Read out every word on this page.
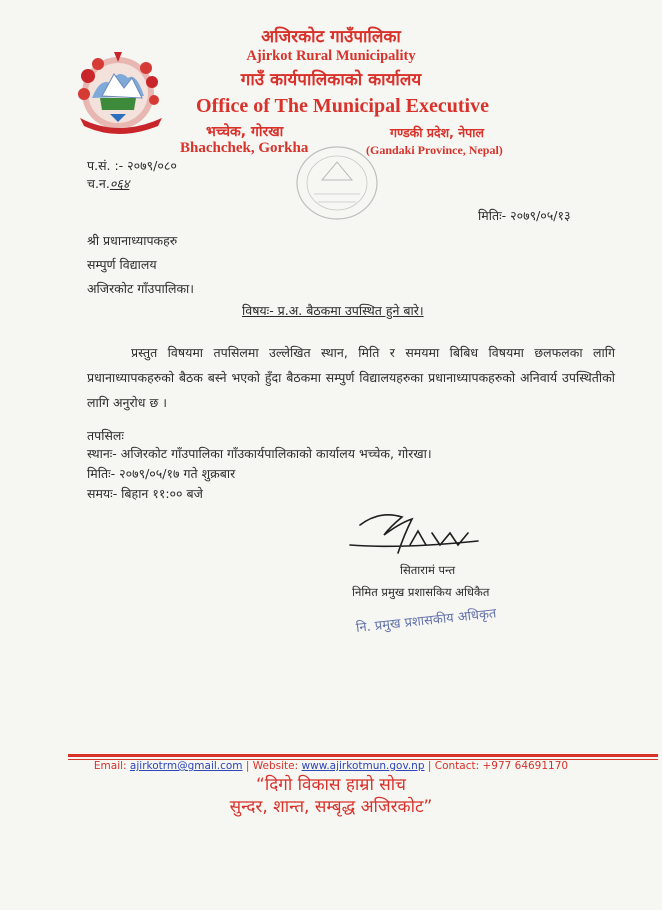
अजिरकोट गाउँपालिका
Ajirkot Rural Municipality
गाउँ कार्यपालिकाको कार्यालय
Office of The Municipal Executive
भच्चेक, गोरखा	गण्डकी प्रदेश, नेपाल
Bhachchek, Gorkha	(Gandaki Province, Nepal)
प.सं. :- २०७९/०८०
च.न.०६४
मितिः- २०७९/०५/१३
श्री प्रधानाध्यापकहरु
सम्पुर्ण विद्यालय
अजिरकोट गाँउपालिका।
विषयः- प्र.अ. बैठकमा उपस्थित हुने बारे।
प्रस्तुत विषयमा तपसिलमा उल्लेखित स्थान, मिति र समयमा बिबिध विषयमा छलफलका लागि प्रधानाध्यापकहरुको बैठक बस्ने भएको हुँदा बैठकमा सम्पुर्ण विद्यालयहरुका प्रधानाध्यापकहरुको अनिवार्य उपस्थितीको लागि अनुरोध छ ।
तपसिलः
स्थानः- अजिरकोट गाँउपालिका गाँउकार्यपालिकाको कार्यालय भच्चेक, गोरखा।
मितिः- २०७९/०५/१७ गते शुक्रबार
समयः- बिहान ११:०० बजे
सितारामं पन्त
निमित प्रमुख प्रशासकिय अधिकैत
नि. प्रमुख प्रशासकीय अधिकृत
Email: ajirkotrm@gmail.com | Website: www.ajirkotmun.gov.np | Contact: +977 64691170
“दिगो विकास हाम्रो सोच
सुन्दर, शान्त, सम्बृद्ध अजिरकोट”
